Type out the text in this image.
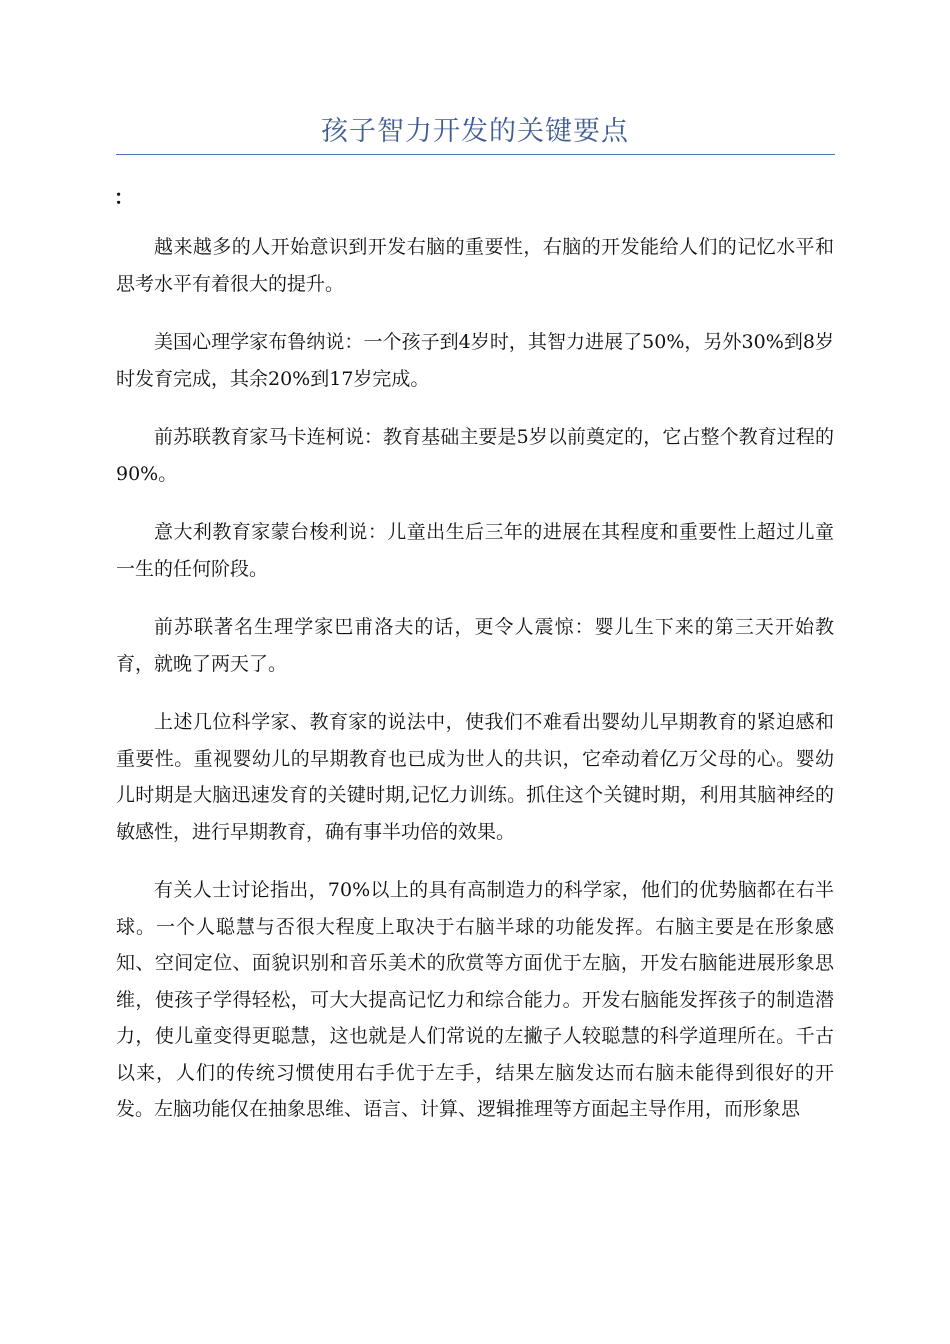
孩子智力开发的关键要点
：

越来越多的人开始意识到开发右脑的重要性，右脑的开发能给人们的记忆水平和思考水平有着很大的提升。

美国心理学家布鲁纳说：一个孩子到4岁时，其智力进展了50%，另外30%到8岁时发育完成，其余20%到17岁完成。

前苏联教育家马卡连柯说：教育基础主要是5岁以前奠定的，它占整个教育过程的90%。

意大利教育家蒙台梭利说：儿童出生后三年的进展在其程度和重要性上超过儿童一生的任何阶段。

前苏联著名生理学家巴甫洛夫的话，更令人震惊：婴儿生下来的第三天开始教育，就晚了两天了。

上述几位科学家、教育家的说法中，使我们不难看出婴幼儿早期教育的紧迫感和重要性。重视婴幼儿的早期教育也已成为世人的共识，它牵动着亿万父母的心。婴幼儿时期是大脑迅速发育的关键时期,记忆力训练。抓住这个关键时期，利用其脑神经的敏感性，进行早期教育，确有事半功倍的效果。

有关人士讨论指出，70%以上的具有高制造力的科学家，他们的优势脑都在右半球。一个人聪慧与否很大程度上取决于右脑半球的功能发挥。右脑主要是在形象感知、空间定位、面貌识别和音乐美术的欣赏等方面优于左脑，开发右脑能进展形象思维，使孩子学得轻松，可大大提高记忆力和综合能力。开发右脑能发挥孩子的制造潜力，使儿童变得更聪慧，这也就是人们常说的左撇子人较聪慧的科学道理所在。千古以来，人们的传统习惯使用右手优于左手，结果左脑发达而右脑未能得到很好的开发。左脑功能仅在抽象思维、语言、计算、逻辑推理等方面起主导作用，而形象思
